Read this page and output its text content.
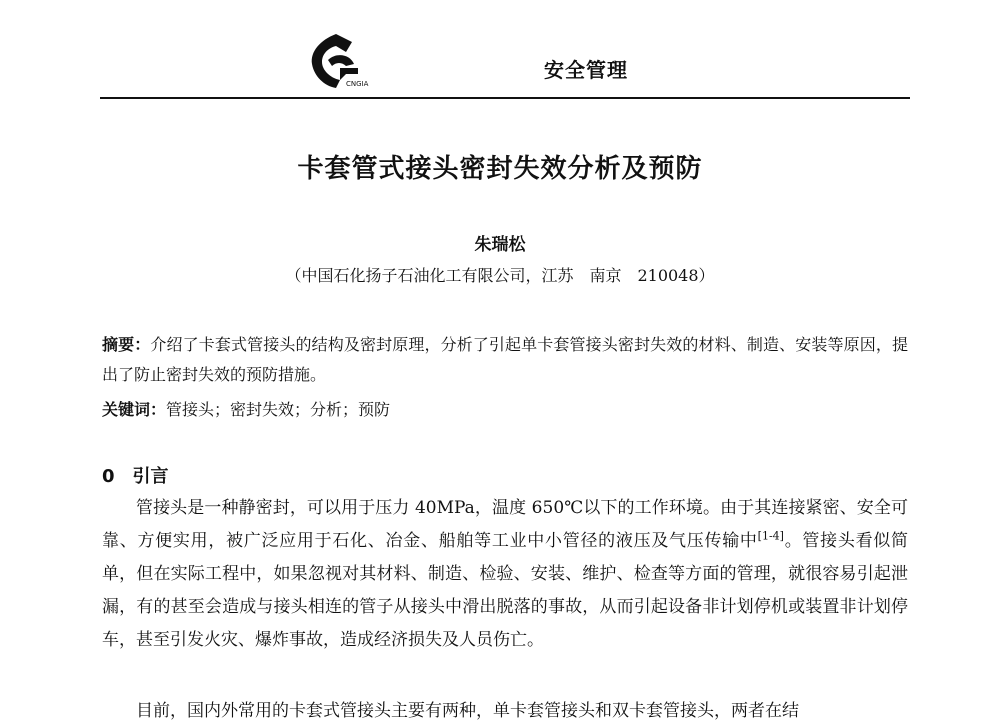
CNGIA
安全管理
卡套管式接头密封失效分析及预防
朱瑞松
（中国石化扬子石油化工有限公司，江苏　南京　210048）
摘要：介绍了卡套式管接头的结构及密封原理，分析了引起单卡套管接头密封失效的材料、制造、安装等原因，提出了防止密封失效的预防措施。
关键词：管接头；密封失效；分析；预防
0　引言
管接头是一种静密封，可以用于压力 40MPa，温度 650℃以下的工作环境。由于其连接紧密、安全可靠、方便实用，被广泛应用于石化、冶金、船舶等工业中小管径的液压及气压传输中[1-4]。管接头看似简单，但在实际工程中，如果忽视对其材料、制造、检验、安装、维护、检查等方面的管理，就很容易引起泄漏，有的甚至会造成与接头相连的管子从接头中滑出脱落的事故，从而引起设备非计划停机或装置非计划停车，甚至引发火灾、爆炸事故，造成经济损失及人员伤亡。
目前，国内外常用的卡套式管接头主要有两种，单卡套管接头和双卡套管接头，两者在结
